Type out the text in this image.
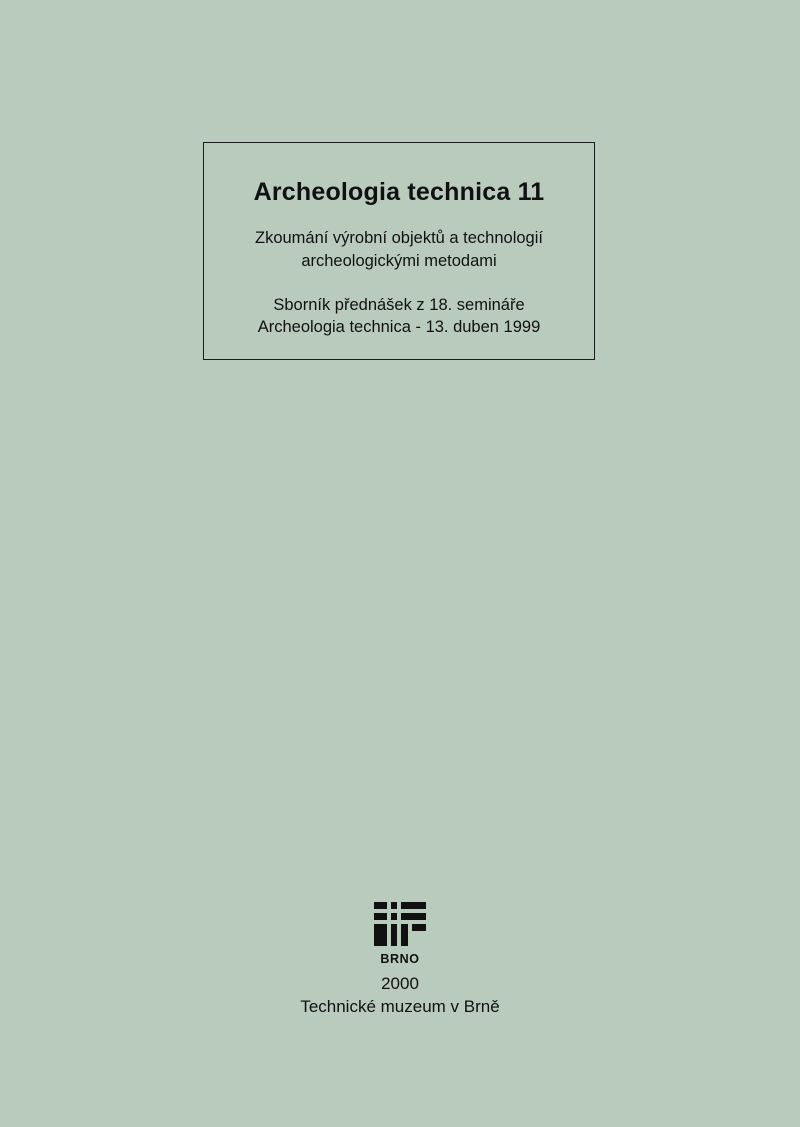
Archeologia technica 11
Zkoumání výrobní objektů a technologií
archeologickými metodami
Sborník přednášek z 18. semináře
Archeologia technica - 13. duben 1999
BRNO
2000
Technické muzeum v Brně
